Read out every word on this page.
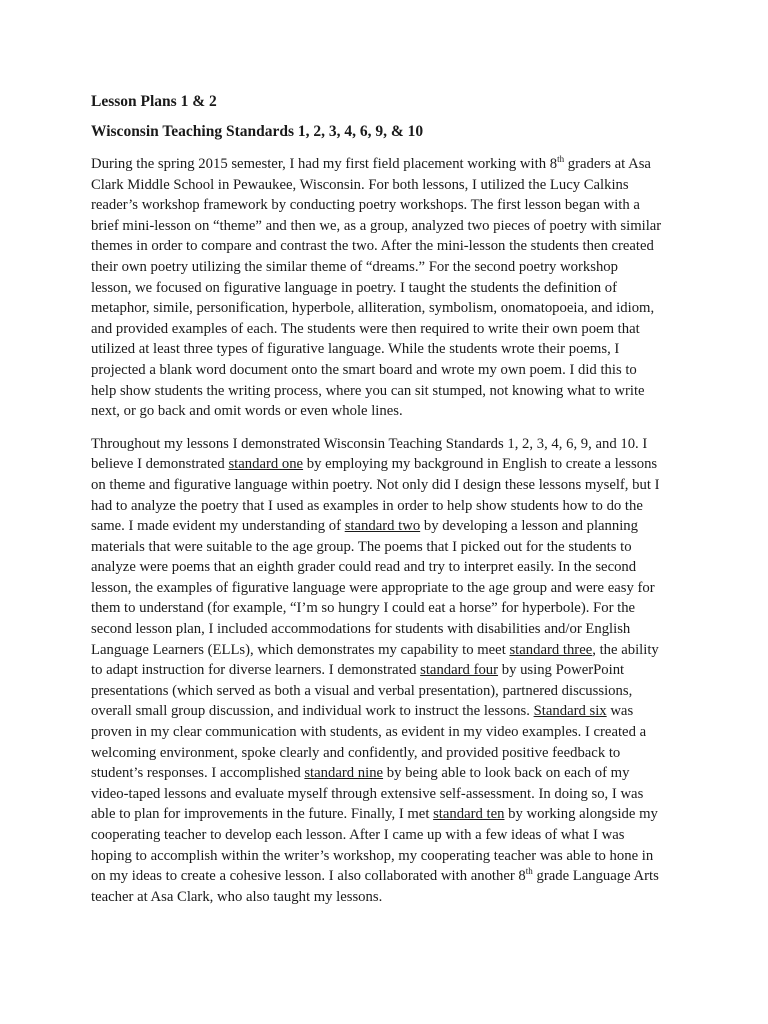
Lesson Plans 1 & 2
Wisconsin Teaching Standards 1, 2, 3, 4, 6, 9, & 10
During the spring 2015 semester, I had my first field placement working with 8th graders at Asa
Clark Middle School in Pewaukee, Wisconsin. For both lessons, I utilized the Lucy Calkins
reader’s workshop framework by conducting poetry workshops. The first lesson began with a
brief mini-lesson on “theme” and then we, as a group, analyzed two pieces of poetry with similar
themes in order to compare and contrast the two. After the mini-lesson the students then created
their own poetry utilizing the similar theme of “dreams.” For the second poetry workshop
lesson, we focused on figurative language in poetry. I taught the students the definition of
metaphor, simile, personification, hyperbole, alliteration, symbolism, onomatopoeia, and idiom,
and provided examples of each. The students were then required to write their own poem that
utilized at least three types of figurative language. While the students wrote their poems, I
projected a blank word document onto the smart board and wrote my own poem. I did this to
help show students the writing process, where you can sit stumped, not knowing what to write
next, or go back and omit words or even whole lines.
Throughout my lessons I demonstrated Wisconsin Teaching Standards 1, 2, 3, 4, 6, 9, and 10. I
believe I demonstrated standard one by employing my background in English to create a lessons
on theme and figurative language within poetry. Not only did I design these lessons myself, but I
had to analyze the poetry that I used as examples in order to help show students how to do the
same. I made evident my understanding of standard two by developing a lesson and planning
materials that were suitable to the age group. The poems that I picked out for the students to
analyze were poems that an eighth grader could read and try to interpret easily. In the second
lesson, the examples of figurative language were appropriate to the age group and were easy for
them to understand (for example, “I’m so hungry I could eat a horse” for hyperbole). For the
second lesson plan, I included accommodations for students with disabilities and/or English
Language Learners (ELLs), which demonstrates my capability to meet standard three, the ability
to adapt instruction for diverse learners. I demonstrated standard four by using PowerPoint
presentations (which served as both a visual and verbal presentation), partnered discussions,
overall small group discussion, and individual work to instruct the lessons. Standard six was
proven in my clear communication with students, as evident in my video examples. I created a
welcoming environment, spoke clearly and confidently, and provided positive feedback to
student’s responses. I accomplished standard nine by being able to look back on each of my
video-taped lessons and evaluate myself through extensive self-assessment. In doing so, I was
able to plan for improvements in the future. Finally, I met standard ten by working alongside my
cooperating teacher to develop each lesson. After I came up with a few ideas of what I was
hoping to accomplish within the writer’s workshop, my cooperating teacher was able to hone in
on my ideas to create a cohesive lesson. I also collaborated with another 8th grade Language Arts
teacher at Asa Clark, who also taught my lessons.
